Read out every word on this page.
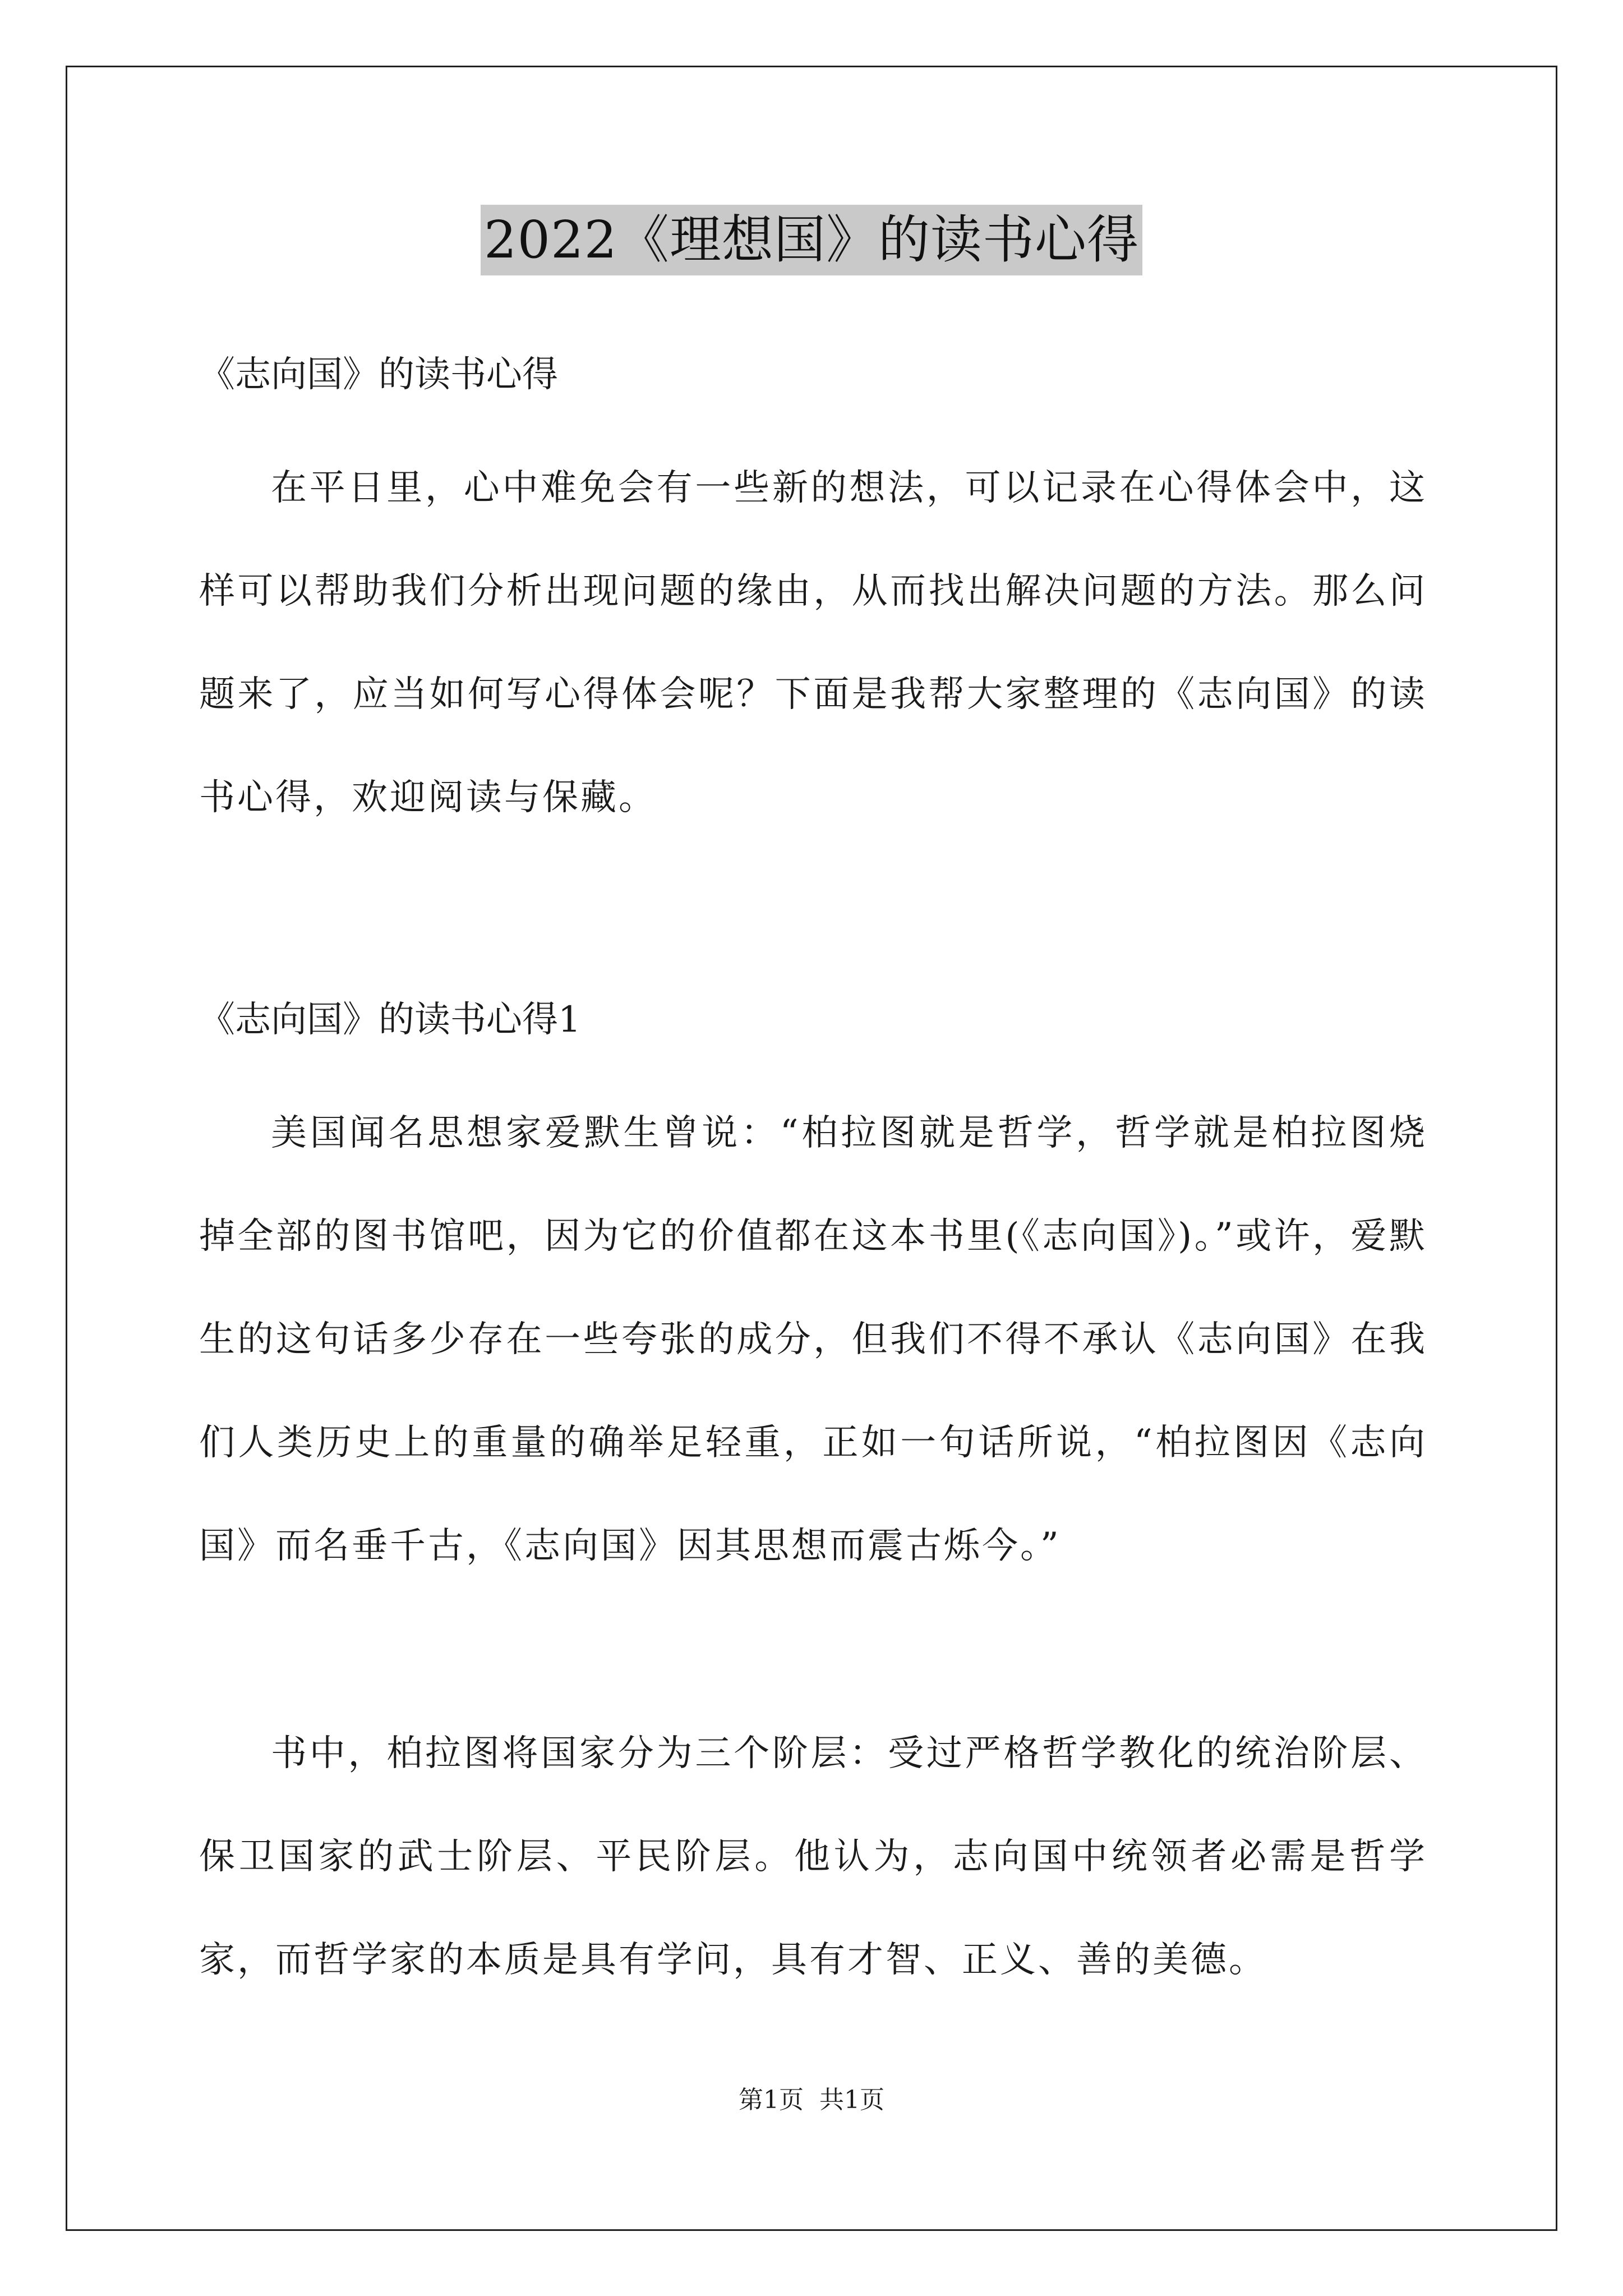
2022《理想国》的读书心得
《志向国》的读书心得

在平日里，心中难免会有一些新的想法，可以记录在心得体会中，这样可以帮助我们分析出现问题的缘由，从而找出解决问题的方法。那么问题来了，应当如何写心得体会呢？下面是我帮大家整理的《志向国》的读书心得，欢迎阅读与保藏。

《志向国》的读书心得1

美国闻名思想家爱默生曾说：“柏拉图就是哲学，哲学就是柏拉图烧掉全部的图书馆吧，因为它的价值都在这本书里(《志向国》)。”或许，爱默生的这句话多少存在一些夸张的成分，但我们不得不承认《志向国》在我们人类历史上的重量的确举足轻重，正如一句话所说，“柏拉图因《志向国》而名垂千古，《志向国》因其思想而震古烁今。”

书中，柏拉图将国家分为三个阶层：受过严格哲学教化的统治阶层、保卫国家的武士阶层、平民阶层。他认为，志向国中统领者必需是哲学家，而哲学家的本质是具有学问，具有才智、正义、善的美德。

第1页 共1页
